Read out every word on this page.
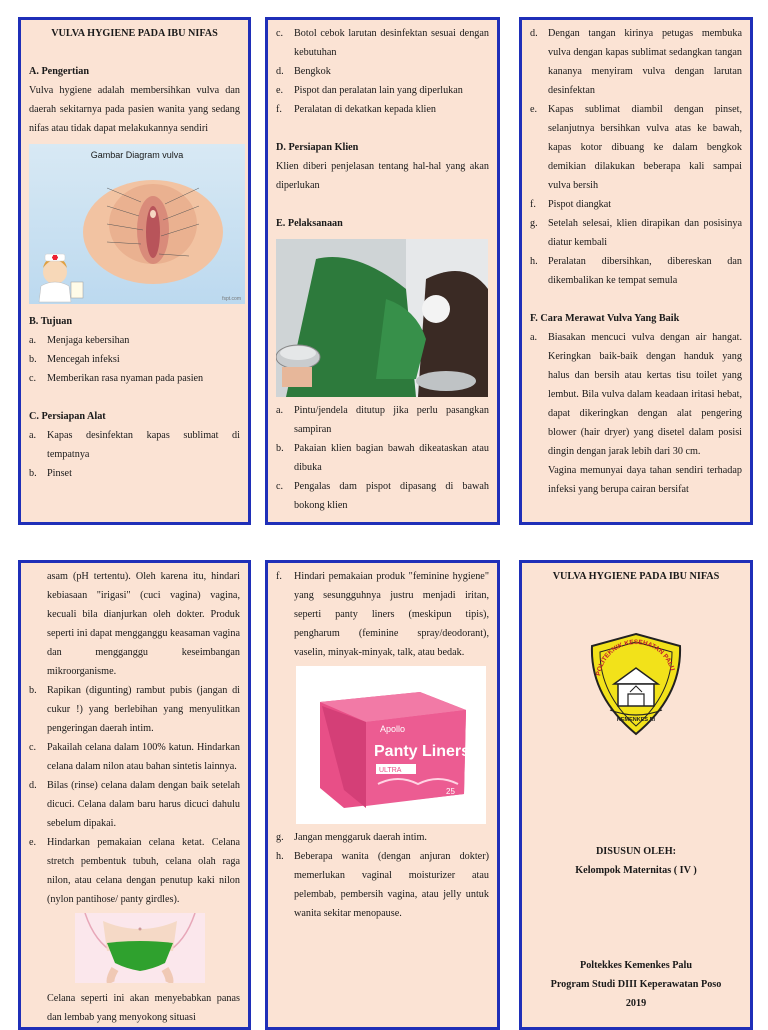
VULVA HYGIENE PADA IBU NIFAS

A. Pengertian

Vulva hygiene adalah membersihkan vulva dan daerah sekitarnya pada pasien wanita yang sedang nifas atau tidak dapat melakukannya sendiri

Gambar Diagram vulva
fspt.com

B. Tujuan

a. Menjaga kebersihan
b. Mencegah infeksi
c. Memberikan rasa nyaman pada pasien

C. Persiapan Alat

a. Kapas desinfektan kapas sublimat di tempatnya
b. Pinset
c. Botol cebok larutan desinfektan sesuai dengan kebutuhan
d. Bengkok
e. Pispot dan peralatan lain yang diperlukan
f. Peralatan di dekatkan kepada klien

D. Persiapan Klien

Klien diberi penjelasan tentang hal-hal yang akan diperlukan

E. Pelaksanaan

a. Pintu/jendela ditutup jika perlu pasangkan sampiran
b. Pakaian klien bagian bawah dikeataskan atau dibuka
c. Pengalas dam pispot dipasang di bawah bokong klien
d. Dengan tangan kirinya petugas membuka vulva dengan kapas sublimat sedangkan tangan kananya menyiram vulva dengan larutan desinfektan
e. Kapas sublimat diambil dengan pinset, selanjutnya bersihkan vulva atas ke bawah, kapas kotor dibuang ke dalam bengkok demikian dilakukan beberapa kali sampai vulva bersih
f. Pispot diangkat
g. Setelah selesai, klien dirapikan dan posisinya diatur kembali
h. Peralatan dibersihkan, dibereskan dan dikembalikan ke tempat semula

F. Cara Merawat Vulva Yang Baik

a. Biasakan mencuci vulva dengan air hangat. Keringkan baik-baik dengan handuk yang halus dan bersih atau kertas tisu toilet yang lembut. Bila vulva dalam keadaan iritasi hebat, dapat dikeringkan dengan alat pengering blower (hair dryer) yang disetel dalam posisi dingin dengan jarak lebih dari 30 cm.

Vagina memunyai daya tahan sendiri terhadap infeksi yang berupa cairan bersifat

asam (pH tertentu). Oleh karena itu, hindari kebiasaan "irigasi" (cuci vagina) vagina, kecuali bila dianjurkan oleh dokter. Produk seperti ini dapat mengganggu keasaman vagina dan mengganggu keseimbangan mikroorganisme.

b. Rapikan (digunting) rambut pubis (jangan di cukur !) yang berlebihan yang menyulitkan pengeringan daerah intim.
c. Pakailah celana dalam 100% katun. Hindarkan celana dalam nilon atau bahan sintetis lainnya.
d. Bilas (rinse) celana dalam dengan baik setelah dicuci. Celana dalam baru harus dicuci dahulu sebelum dipakai.
e. Hindarkan pemakaian celana ketat. Celana stretch pembentuk tubuh, celana olah raga nilon, atau celana dengan penutup kaki nilon (nylon pantihose/ panty girdles).

Celana seperti ini akan menyebabkan panas dan lembab yang menyokong situasi

f. Hindari pemakaian produk "feminine hygiene" yang sesungguhnya justru menjadi iritan, seperti panty liners (meskipun tipis), pengharum (feminine spray/deodorant), vaselin, minyak-minyak, talk, atau bedak.
Apollo
Panty Liners
ULTRA
25
g. Jangan menggaruk daerah intim.
h. Beberapa wanita (dengan anjuran dokter) memerlukan vaginal moisturizer atau pelembab, pembersih vagina, atau jelly untuk wanita sekitar menopause.

VULVA HYGIENE PADA IBU NIFAS

POLITEKNIK KESEHATAN PALU
KEMENKES RI

DISUSUN OLEH:

Kelompok Maternitas ( IV )

Poltekkes Kemenkes Palu

Program Studi DIII Keperawatan Poso

2019
